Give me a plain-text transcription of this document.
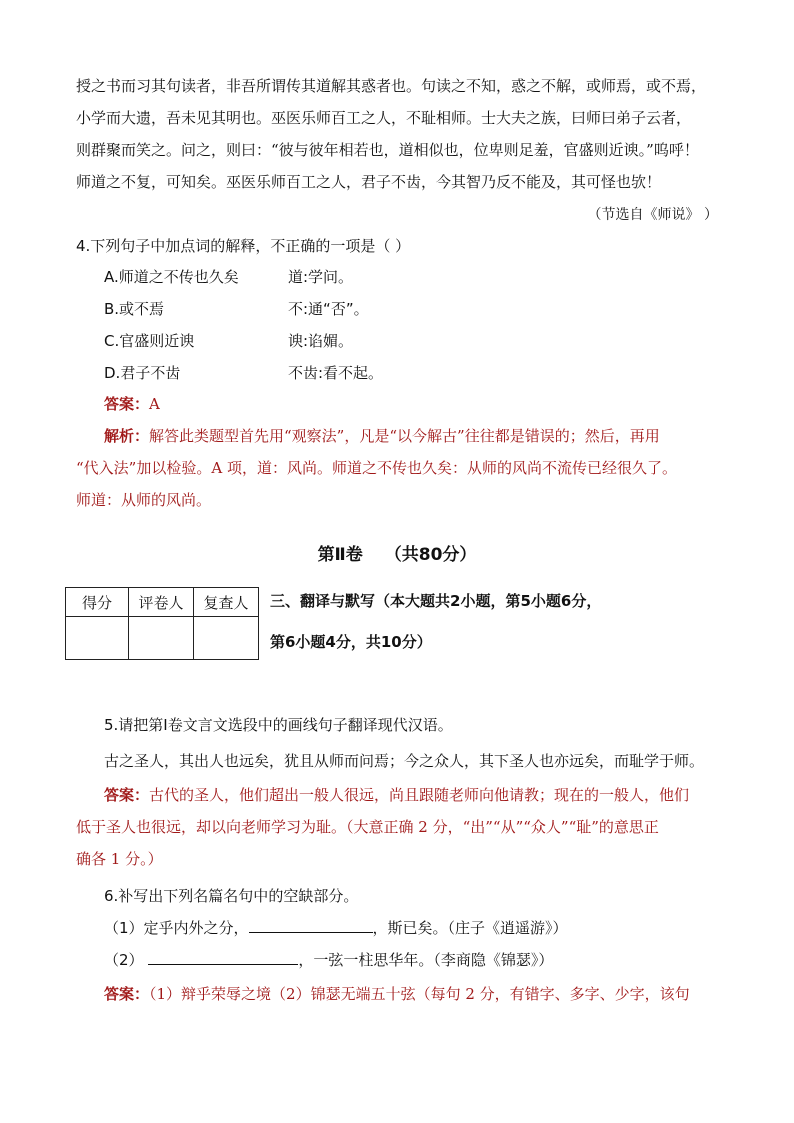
授之书而习其句读者，非吾所谓传其道解其惑者也。句读之不知，惑之不解，或师焉，或不焉，
小学而大遗，吾未见其明也。巫医乐师百工之人，不耻相师。士大夫之族，曰师曰弟子云者，
则群聚而笑之。问之，则曰：“彼与彼年相若也，道相似也，位卑则足羞，官盛则近谀。”呜呼！
师道之不复，可知矣。巫医乐师百工之人，君子不齿，今其智乃反不能及，其可怪也欤！
（节选自《师说》 ）
4.下列句子中加点词的解释，不正确的一项是（ ）
A.师道之不传也久矣	道:学问。
B.或不焉	不:通“否”。
C.官盛则近谀	谀:谄媚。
D.君子不齿	不齿:看不起。
答案：A
解析：解答此类题型首先用“观察法”，凡是“以今解古”往往都是错误的；然后，再用
“代入法”加以检验。A 项，道：风尚。师道之不传也久矣：从师的风尚不流传已经很久了。
师道：从师的风尚。
第Ⅱ卷 （共80分）
得分	评卷人	复查人
		三、翻译与默写（本大题共2小题，第5小题6分，
第6小题4分，共10分）
5.请把第Ⅰ卷文言文选段中的画线句子翻译现代汉语。
古之圣人，其出人也远矣，犹且从师而问焉；今之众人，其下圣人也亦远矣，而耻学于师。
答案：古代的圣人，他们超出一般人很远，尚且跟随老师向他请教；现在的一般人，他们
低于圣人也很远，却以向老师学习为耻。（大意正确 2 分，“出”“从”“众人”“耻”的意思正
确各 1 分。）
6.补写出下列名篇名句中的空缺部分。
（1）定乎内外之分，	，斯已矣。（庄子《逍遥游》）
（2）	，一弦一柱思华年。（李商隐《锦瑟》）
答案：（1）辩乎荣辱之境（2）锦瑟无端五十弦（每句 2 分，有错字、多字、少字，该句
